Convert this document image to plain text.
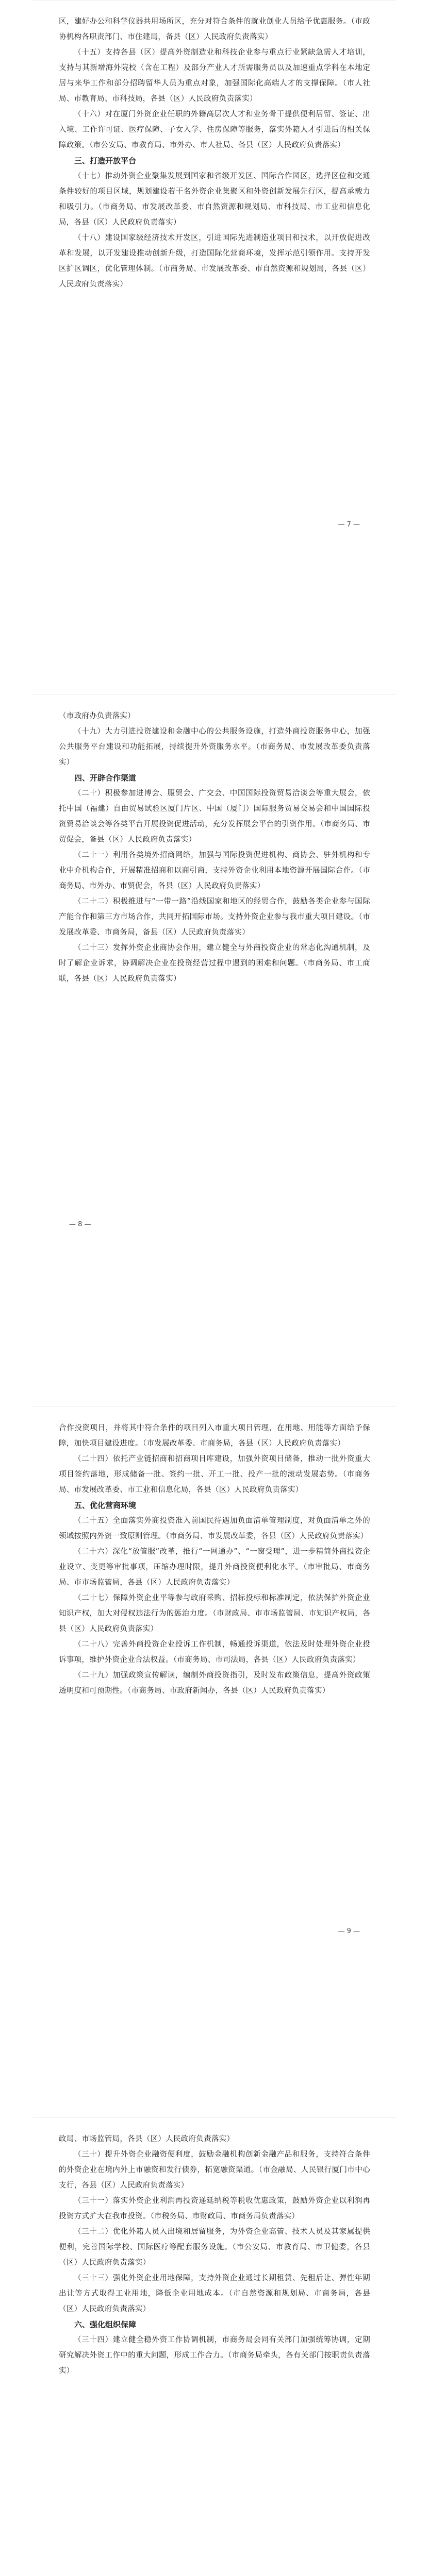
区，建好办公和科学仪器共用场所区，充分对符合条件的就业创业人员给予优惠服务。（市政协机构各职责部门、市住建局，备县（区）人民政府负责落实）

（十五）支持各县（区）提高外资制造业和科技企业参与重点行业紧缺急需人才培训，支持与其新增海外院校（含在工程）及部分产业人才所需服务员以及加速重点学科在本地定居与来华工作和部分招聘留华人员为重点对象，加强国际化高端人才的支撑保障。（市人社局、市教育局、市科技局，各县（区）人民政府负责落实）

（十六）对在厦门外资企业任职的外籍高层次人才和业务骨干提供便利居留、签证、出入境、工作许可证、医疗保障、子女入学、住房保障等服务，落实外籍人才引进后的相关保障政策。（市公安局、市教育局、市外办、市人社局、备县（区）人民政府负责落实）

三、打造开放平台

（十七）推动外资企业聚集发展到国家和省级开发区、国际合作园区，选择区位和交通条件较好的项目区域，规划建设若干名外资企业集聚区和外资创新发展先行区，提高承载力和吸引力。（市商务局、市发展改革委、市自然资源和规划局、市科技局、市工业和信息化局，各县（区）人民政府负责落实）

（十八）建设国家级经济技术开发区，引进国际先进制造业项目和技术，以开放促进改革和发展，以开发建设推动创新升级，打造国际化营商环境，发挥示范引领作用。支持开发区扩区调区，优化管理体制。（市商务局、市发展改革委、市自然资源和规划局，各县（区）人民政府负责落实）

— 7 —

（市政府办负责落实）

（十九）大力引进投资建设和金融中心的公共服务设施，打造外商投资服务中心，加强公共服务平台建设和功能拓展，持续提升外资服务水平。（市商务局、市发展改革委负责落实）

四、开辟合作渠道

（二十）积极参加进博会、服贸会、广交会、中国国际投资贸易洽谈会等重大展会，依托中国（福建）自由贸易试验区厦门片区、中国（厦门）国际服务贸易交易会和中国国际投资贸易洽谈会等各类平台开展投资促进活动，充分发挥展会平台的引资作用。（市商务局、市贸促会，备县（区）人民政府负责落实）

（二十一）利用各类境外招商网络，加强与国际投资促进机构、商协会、驻外机构和专业中介机构合作，开展精准招商和以商引商，支持外资企业利用本地资源开展国际合作。（市商务局、市外办、市贸促会，各县（区）人民政府负责落实）

（二十二）积极推进与“一带一路”沿线国家和地区的经贸合作，鼓励各类企业参与国际产能合作和第三方市场合作，共同开拓国际市场。支持外资企业参与我市重大项目建设。（市发展改革委、市商务局，备县（区）人民政府负责落实）

（二十三）发挥外资企业商协会作用，建立健全与外商投资企业的常态化沟通机制，及时了解企业诉求，协调解决企业在投资经营过程中遇到的困难和问题。（市商务局、市工商联，各县（区）人民政府负责落实）

— 8 —

合作投资项目，并将其中符合条件的项目列入市重大项目管理，在用地、用能等方面给予保障，加快项目建设进度。（市发展改革委、市商务局，各县（区）人民政府负责落实）

（二十四）依托产业链招商和招商项目库建设，加强外资项目储备，推动一批外资重大项目签约落地，形成储备一批、签约一批、开工一批、投产一批的滚动发展态势。（市商务局、市发展改革委、市工业和信息化局，各县（区）人民政府负责落实）

五、优化营商环境

（二十五）全面落实外商投资准入前国民待遇加负面清单管理制度，对负面清单之外的领域按照内外资一致原则管理。（市商务局、市发展改革委，各县（区）人民政府负责落实）

（二十六）深化“放管服”改革，推行“一网通办”、“一窗受理”，进一步精简外商投资企业设立、变更等审批事项，压缩办理时限，提升外商投资便利化水平。（市审批局、市商务局、市市场监管局，各县（区）人民政府负责落实）

（二十七）保障外资企业平等参与政府采购、招标投标和标准制定，依法保护外资企业知识产权，加大对侵权违法行为的惩治力度。（市财政局、市市场监管局、市知识产权局，各县（区）人民政府负责落实）

（二十八）完善外商投资企业投诉工作机制，畅通投诉渠道，依法及时处理外资企业投诉事项，维护外资企业合法权益。（市商务局、市司法局，各县（区）人民政府负责落实）

（二十九）加强政策宣传解读，编制外商投资指引，及时发布政策信息，提高外资政策透明度和可预期性。（市商务局、市政府新闻办，各县（区）人民政府负责落实）

— 9 —

政局、市场监管局，各县（区）人民政府负责落实）

（三十）提升外资企业融资便利度，鼓励金融机构创新金融产品和服务，支持符合条件的外资企业在境内外上市融资和发行债券，拓宽融资渠道。（市金融局、人民银行厦门市中心支行，各县（区）人民政府负责落实）

（三十一）落实外资企业利润再投资递延纳税等税收优惠政策，鼓励外资企业以利润再投资方式扩大在我市投资。（市税务局、市财政局、市商务局负责落实）

（三十二）优化外籍人员入出境和居留服务，为外资企业高管、技术人员及其家属提供便利，完善国际学校、国际医疗等配套服务设施。（市公安局、市教育局、市卫健委，各县（区）人民政府负责落实）

（三十三）强化外资企业用地保障，支持外资企业通过长期租赁、先租后让、弹性年期出让等方式取得工业用地，降低企业用地成本。（市自然资源和规划局、市商务局，各县（区）人民政府负责落实）

六、强化组织保障

（三十四）建立健全稳外资工作协调机制，市商务局会同有关部门加强统筹协调，定期研究解决外资工作中的重大问题，形成工作合力。（市商务局牵头，各有关部门按职责负责落实）
